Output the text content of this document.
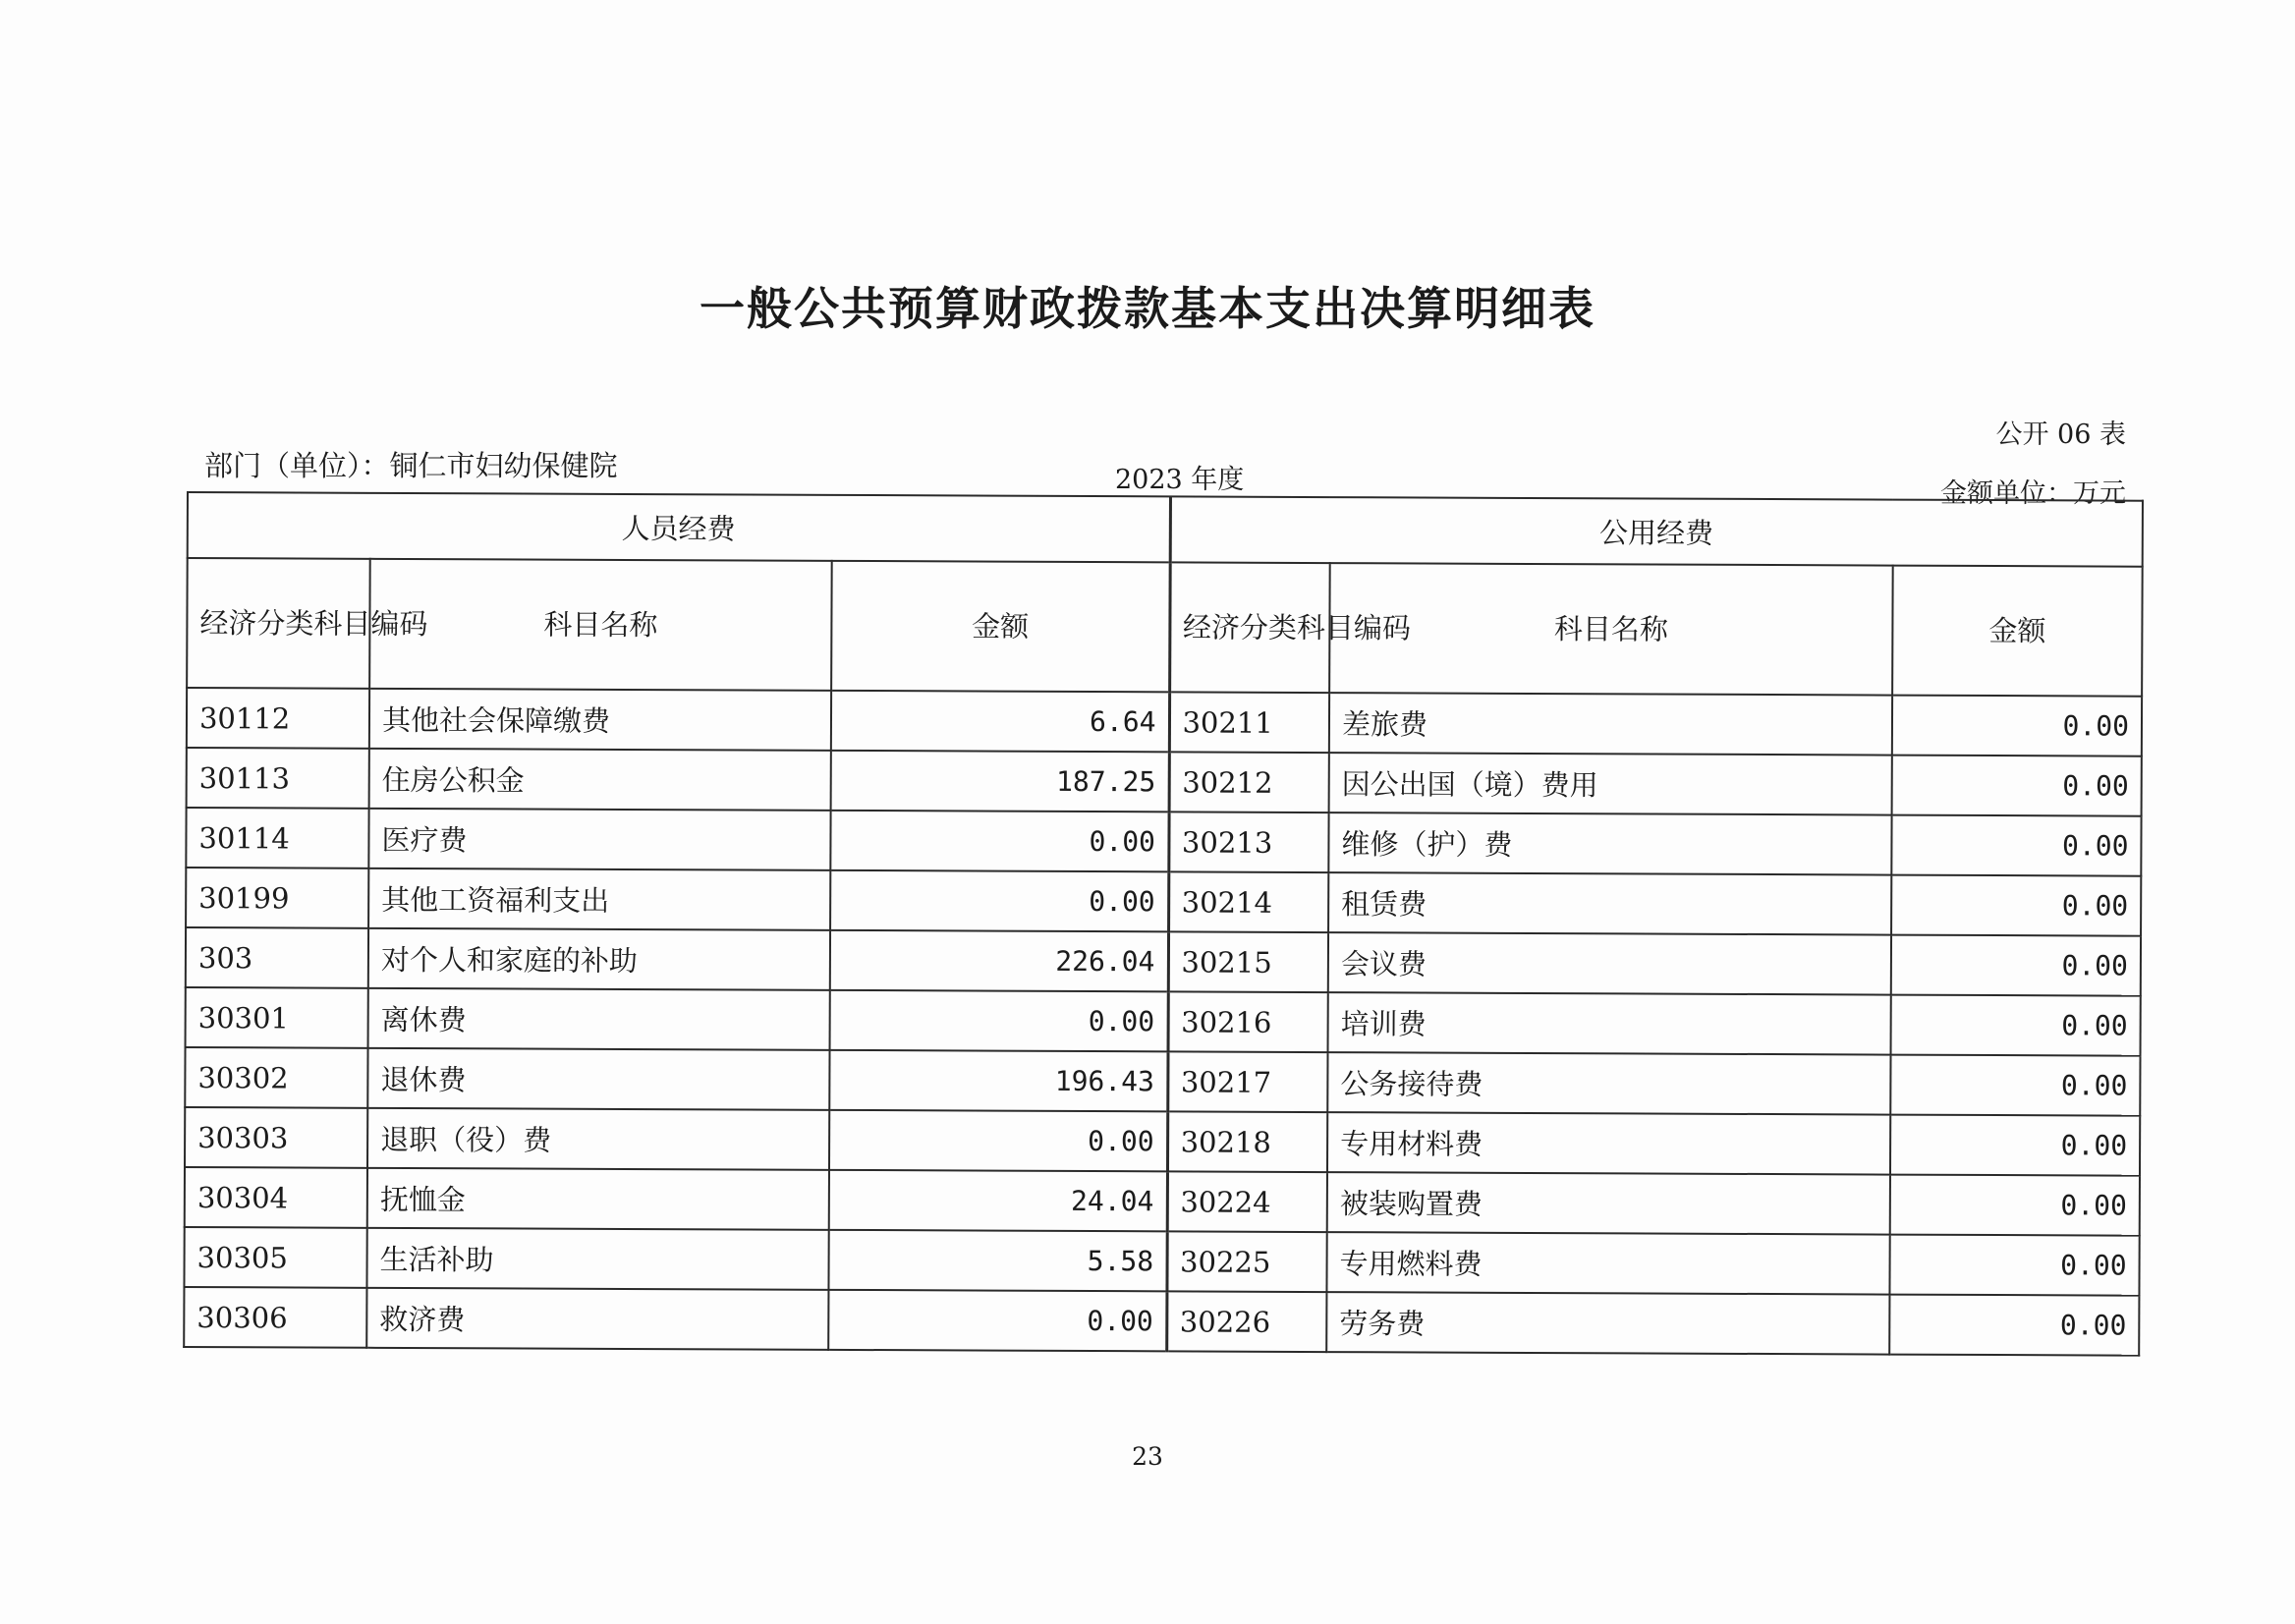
一般公共预算财政拨款基本支出决算明细表
公开 06 表
部门（单位）：铜仁市妇幼保健院	2023 年度	金额单位：万元
人员经费			公用经费		
经济分类科目编码	科目名称	金额	经济分类科目编码	科目名称	金额
30112	其他社会保障缴费	6.64	30211	差旅费	0.00
30113	住房公积金	187.25	30212	因公出国（境）费用	0.00
30114	医疗费	0.00	30213	维修（护）费	0.00
30199	其他工资福利支出	0.00	30214	租赁费	0.00
303	对个人和家庭的补助	226.04	30215	会议费	0.00
30301	离休费	0.00	30216	培训费	0.00
30302	退休费	196.43	30217	公务接待费	0.00
30303	退职（役）费	0.00	30218	专用材料费	0.00
30304	抚恤金	24.04	30224	被装购置费	0.00
30305	生活补助	5.58	30225	专用燃料费	0.00
30306	救济费	0.00	30226	劳务费	0.00
23
